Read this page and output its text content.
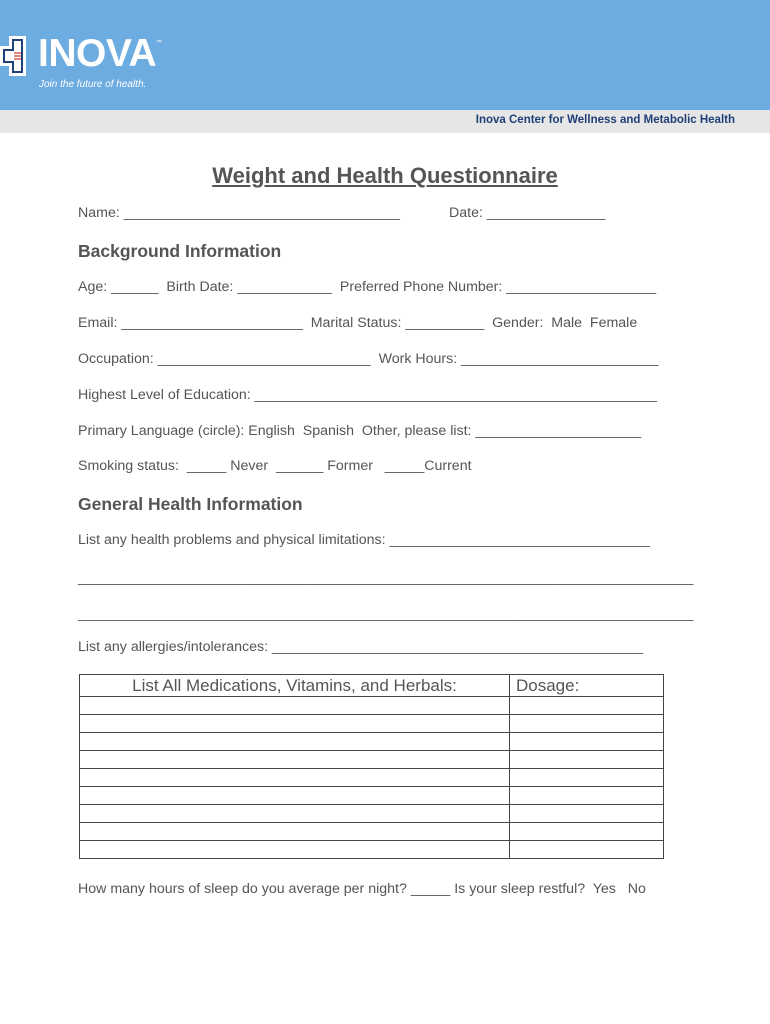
INOVA ™
Join the future of health.
Inova Center for Wellness and Metabolic Health
Weight and Health Questionnaire
Name: ___________________________________	Date: _______________
Background Information
Age: ______  Birth Date: ____________  Preferred Phone Number: ___________________
Email: _______________________  Marital Status: __________  Gender:  Male  Female
Occupation: ___________________________  Work Hours: _________________________
Highest Level of Education: ___________________________________________________
Primary Language (circle): English  Spanish  Other, please list: _____________________
Smoking status:  _____ Never  ______ Former   _____Current
General Health Information
List any health problems and physical limitations: _________________________________
______________________________________________________________________________
______________________________________________________________________________
List any allergies/intolerances: _______________________________________________
List All Medications, Vitamins, and Herbals:	Dosage:

How many hours of sleep do you average per night? _____ Is your sleep restful?  Yes   No
